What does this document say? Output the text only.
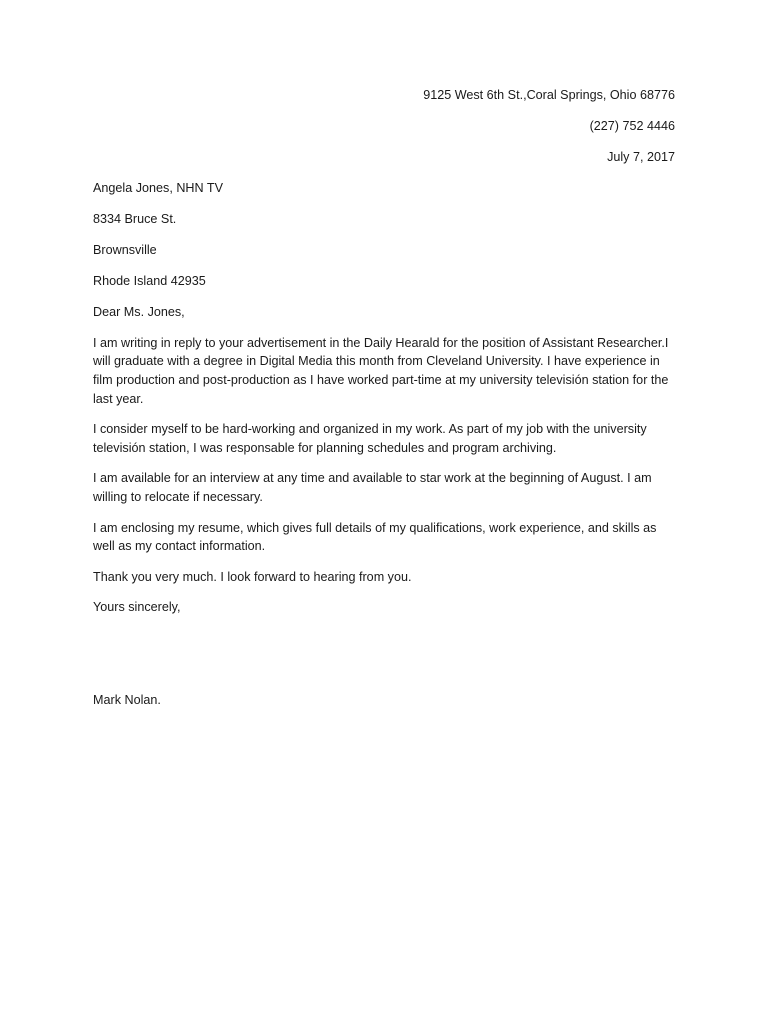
9125 West 6th St.,Coral Springs, Ohio 68776
(227) 752 4446
July 7, 2017
Angela Jones, NHN TV
8334 Bruce St.
Brownsville
Rhode Island 42935
Dear Ms. Jones,

I am writing in reply to your advertisement in the Daily Hearald for the position of Assistant Researcher.I will graduate with a degree in Digital Media this month from Cleveland University. I have experience in film production and post-production as I have worked part-time at my university televisión station for the last year.

I consider myself to be hard-working and organized in my work. As part of my job with the university televisión station, I was responsable for planning schedules and program archiving.

I am available for an interview at any time and available to star work at the beginning of August. I am willing to relocate if necessary.

I am enclosing my resume, which gives full details of my qualifications, work experience, and skills as well as my contact information.

Thank you very much. I look forward to hearing from you.

Yours sincerely,
Mark Nolan.
